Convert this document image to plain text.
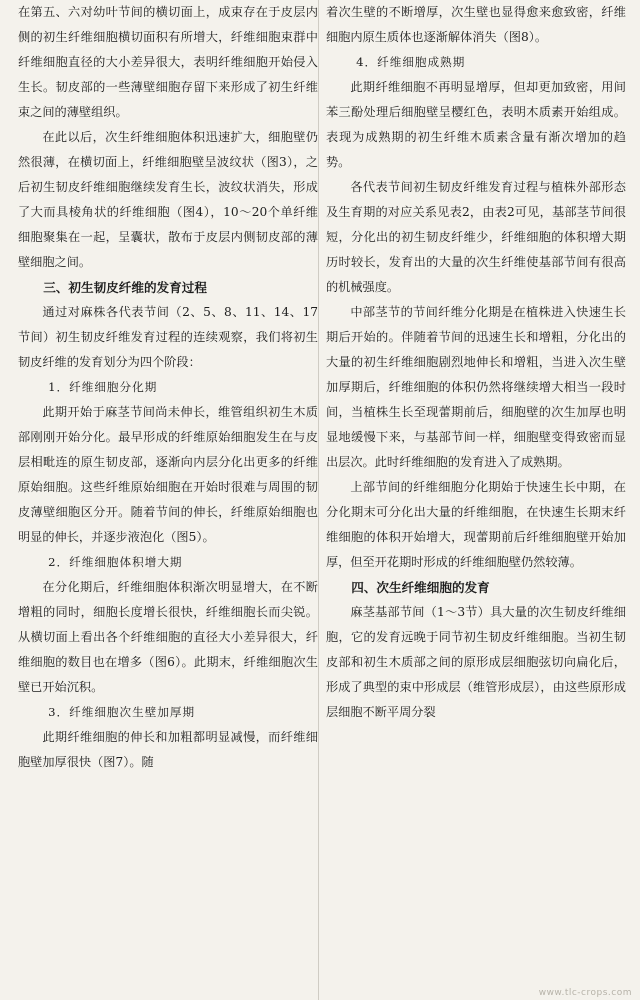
在第五、六对幼叶节间的横切面上，成束存在于皮层内侧的初生纤维细胞横切面积有所增大，纤维细胞束群中纤维细胞直径的大小差异很大，表明纤维细胞开始侵入生长。韧皮部的一些薄壁细胞存留下来形成了初生纤维束之间的薄壁组织。

在此以后，次生纤维细胞体积迅速扩大，细胞壁仍然很薄，在横切面上，纤维细胞壁呈波纹状（图3），之后初生韧皮纤维细胞继续发育生长，波纹状消失，形成了大而具棱角状的纤维细胞（图4），10～20个单纤维细胞聚集在一起，呈囊状，散布于皮层内侧韧皮部的薄壁细胞之间。

三、初生韧皮纤维的发育过程

通过对麻株各代表节间（2、5、8、11、14、17节间）初生韧皮纤维发育过程的连续观察，我们将初生韧皮纤维的发育划分为四个阶段：

1．纤维细胞分化期

此期开始于麻茎节间尚未伸长，维管组织初生木质部刚刚开始分化。最早形成的纤维原始细胞发生在与皮层相毗连的原生韧皮部，逐渐向内层分化出更多的纤维原始细胞。这些纤维原始细胞在开始时很难与周围的韧皮薄壁细胞区分开。随着节间的伸长，纤维原始细胞也明显的伸长，并逐步液泡化（图5）。

2．纤维细胞体积增大期

在分化期后，纤维细胞体积渐次明显增大，在不断增粗的同时，细胞长度增长很快，纤维细胞长而尖锐。从横切面上看出各个纤维细胞的直径大小差异很大，纤维细胞的数目也在增多（图6）。此期末，纤维细胞次生壁已开始沉积。

3．纤维细胞次生壁加厚期

此期纤维细胞的伸长和加粗都明显减慢，而纤维细胞壁加厚很快（图7）。随

着次生壁的不断增厚，次生壁也显得愈来愈致密，纤维细胞内原生质体也逐渐解体消失（图8）。

4．纤维细胞成熟期

此期纤维细胞不再明显增厚，但却更加致密，用间苯三酚处理后细胞壁呈樱红色，表明木质素开始组成。表现为成熟期的初生纤维木质素含量有渐次增加的趋势。

各代表节间初生韧皮纤维发育过程与植株外部形态及生育期的对应关系见表2，由表2可见，基部茎节间很短，分化出的初生韧皮纤维少，纤维细胞的体积增大期历时较长，发育出的大量的次生纤维使基部节间有很高的机械强度。

中部茎节的节间纤维分化期是在植株进入快速生长期后开始的。伴随着节间的迅速生长和增粗，分化出的大量的初生纤维细胞剧烈地伸长和增粗，当进入次生壁加厚期后，纤维细胞的体积仍然将继续增大相当一段时间，当植株生长至现蕾期前后，细胞壁的次生加厚也明显地缓慢下来，与基部节间一样，细胞壁变得致密而显出层次。此时纤维细胞的发育进入了成熟期。

上部节间的纤维细胞分化期始于快速生长中期，在分化期末可分化出大量的纤维细胞，在快速生长期末纤维细胞的体积开始增大，现蕾期前后纤维细胞壁开始加厚，但至开花期时形成的纤维细胞壁仍然较薄。

四、次生纤维细胞的发育

麻茎基部节间（1～3节）具大量的次生韧皮纤维细胞，它的发育远晚于同节初生韧皮纤维细胞。当初生韧皮部和初生木质部之间的原形成层细胞弦切向扁化后，形成了典型的束中形成层（维管形成层），由这些原形成层细胞不断平周分裂

www.tlc-crops.com
